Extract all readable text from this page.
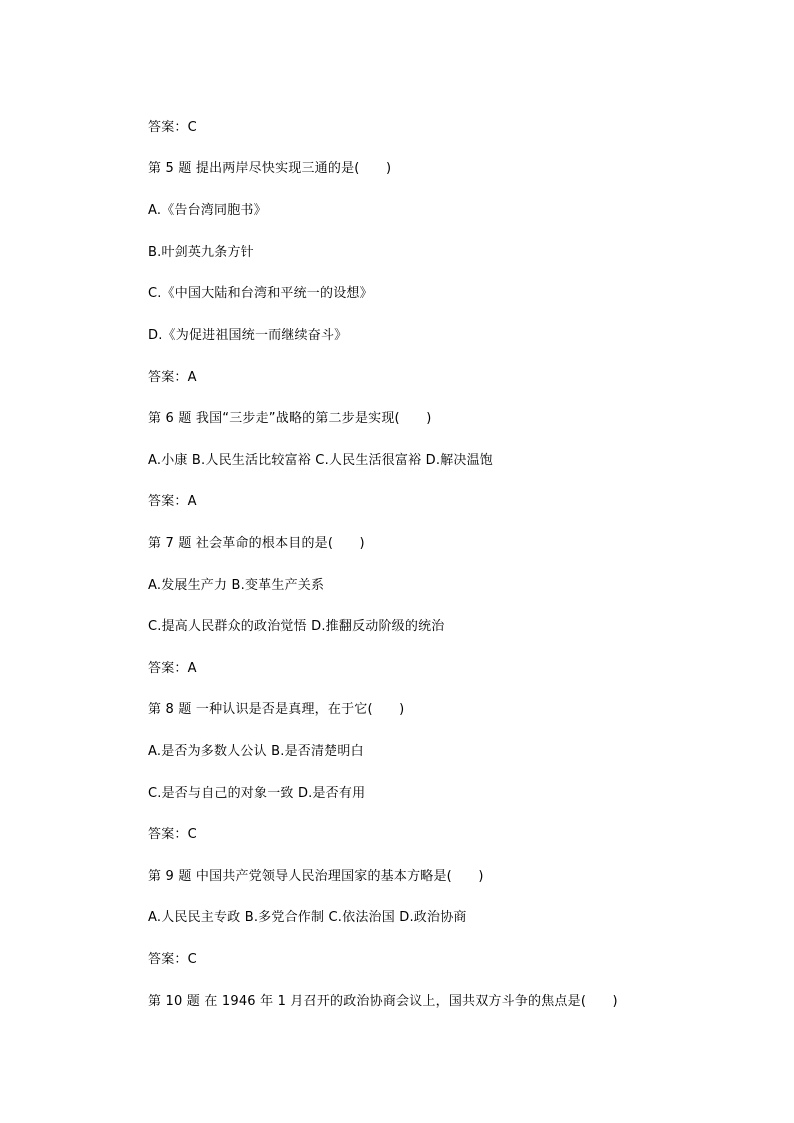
答案：C
第 5 题 提出两岸尽快实现三通的是(　　)
A.《告台湾同胞书》
B.叶剑英九条方针
C.《中国大陆和台湾和平统一的设想》
D.《为促进祖国统一而继续奋斗》
答案：A
第 6 题 我国“三步走”战略的第二步是实现(　　)
A.小康 B.人民生活比较富裕 C.人民生活很富裕 D.解决温饱
答案：A
第 7 题 社会革命的根本目的是(　　)
A.发展生产力 B.变革生产关系
C.提高人民群众的政治觉悟 D.推翻反动阶级的统治
答案：A
第 8 题 一种认识是否是真理，在于它(　　)
A.是否为多数人公认 B.是否清楚明白
C.是否与自己的对象一致 D.是否有用
答案：C
第 9 题 中国共产党领导人民治理国家的基本方略是(　　)
A.人民民主专政 B.多党合作制 C.依法治国 D.政治协商
答案：C
第 10 题 在 1946 年 1 月召开的政治协商会议上，国共双方斗争的焦点是(　　)
